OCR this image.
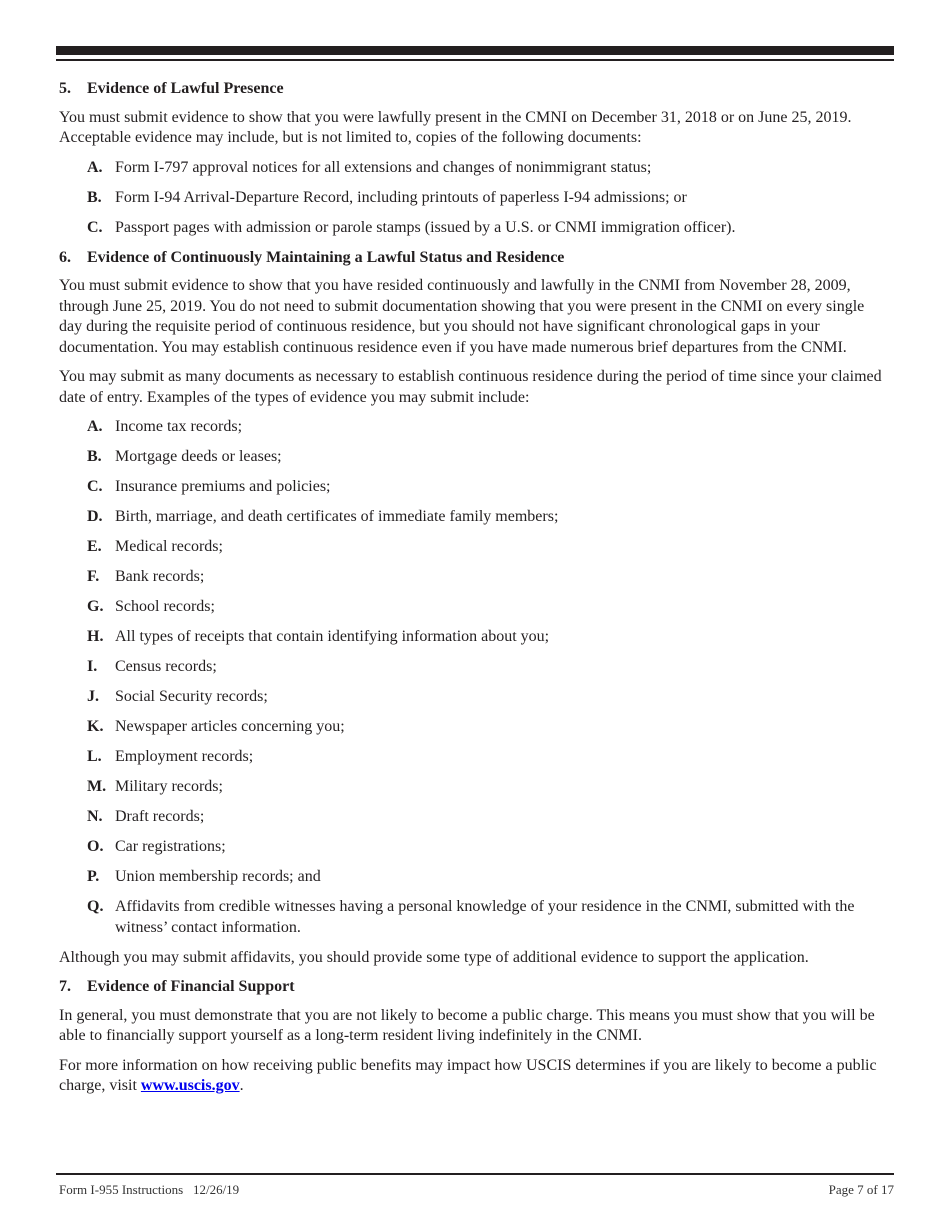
5.	Evidence of Lawful Presence
You must submit evidence to show that you were lawfully present in the CMNI on December 31, 2018 or on June 25, 2019. Acceptable evidence may include, but is not limited to, copies of the following documents:
A. Form I-797 approval notices for all extensions and changes of nonimmigrant status;
B. Form I-94 Arrival-Departure Record, including printouts of paperless I-94 admissions; or
C. Passport pages with admission or parole stamps (issued by a U.S. or CNMI immigration officer).
6.	Evidence of Continuously Maintaining a Lawful Status and Residence
You must submit evidence to show that you have resided continuously and lawfully in the CNMI from November 28, 2009, through June 25, 2019. You do not need to submit documentation showing that you were present in the CNMI on every single day during the requisite period of continuous residence, but you should not have significant chronological gaps in your documentation. You may establish continuous residence even if you have made numerous brief departures from the CNMI.
You may submit as many documents as necessary to establish continuous residence during the period of time since your claimed date of entry. Examples of the types of evidence you may submit include:
A. Income tax records;
B. Mortgage deeds or leases;
C. Insurance premiums and policies;
D. Birth, marriage, and death certificates of immediate family members;
E. Medical records;
F. Bank records;
G. School records;
H. All types of receipts that contain identifying information about you;
I.	Census records;
J.	Social Security records;
K. Newspaper articles concerning you;
L. Employment records;
M. Military records;
N. Draft records;
O. Car registrations;
P. Union membership records; and
Q. Affidavits from credible witnesses having a personal knowledge of your residence in the CNMI, submitted with the witness’ contact information.
Although you may submit affidavits, you should provide some type of additional evidence to support the application.
7.	Evidence of Financial Support
In general, you must demonstrate that you are not likely to become a public charge. This means you must show that you will be able to financially support yourself as a long-term resident living indefinitely in the CNMI.
For more information on how receiving public benefits may impact how USCIS determines if you are likely to become a public charge, visit www.uscis.gov.
Form I-955 Instructions   12/26/19	Page 7 of 17
